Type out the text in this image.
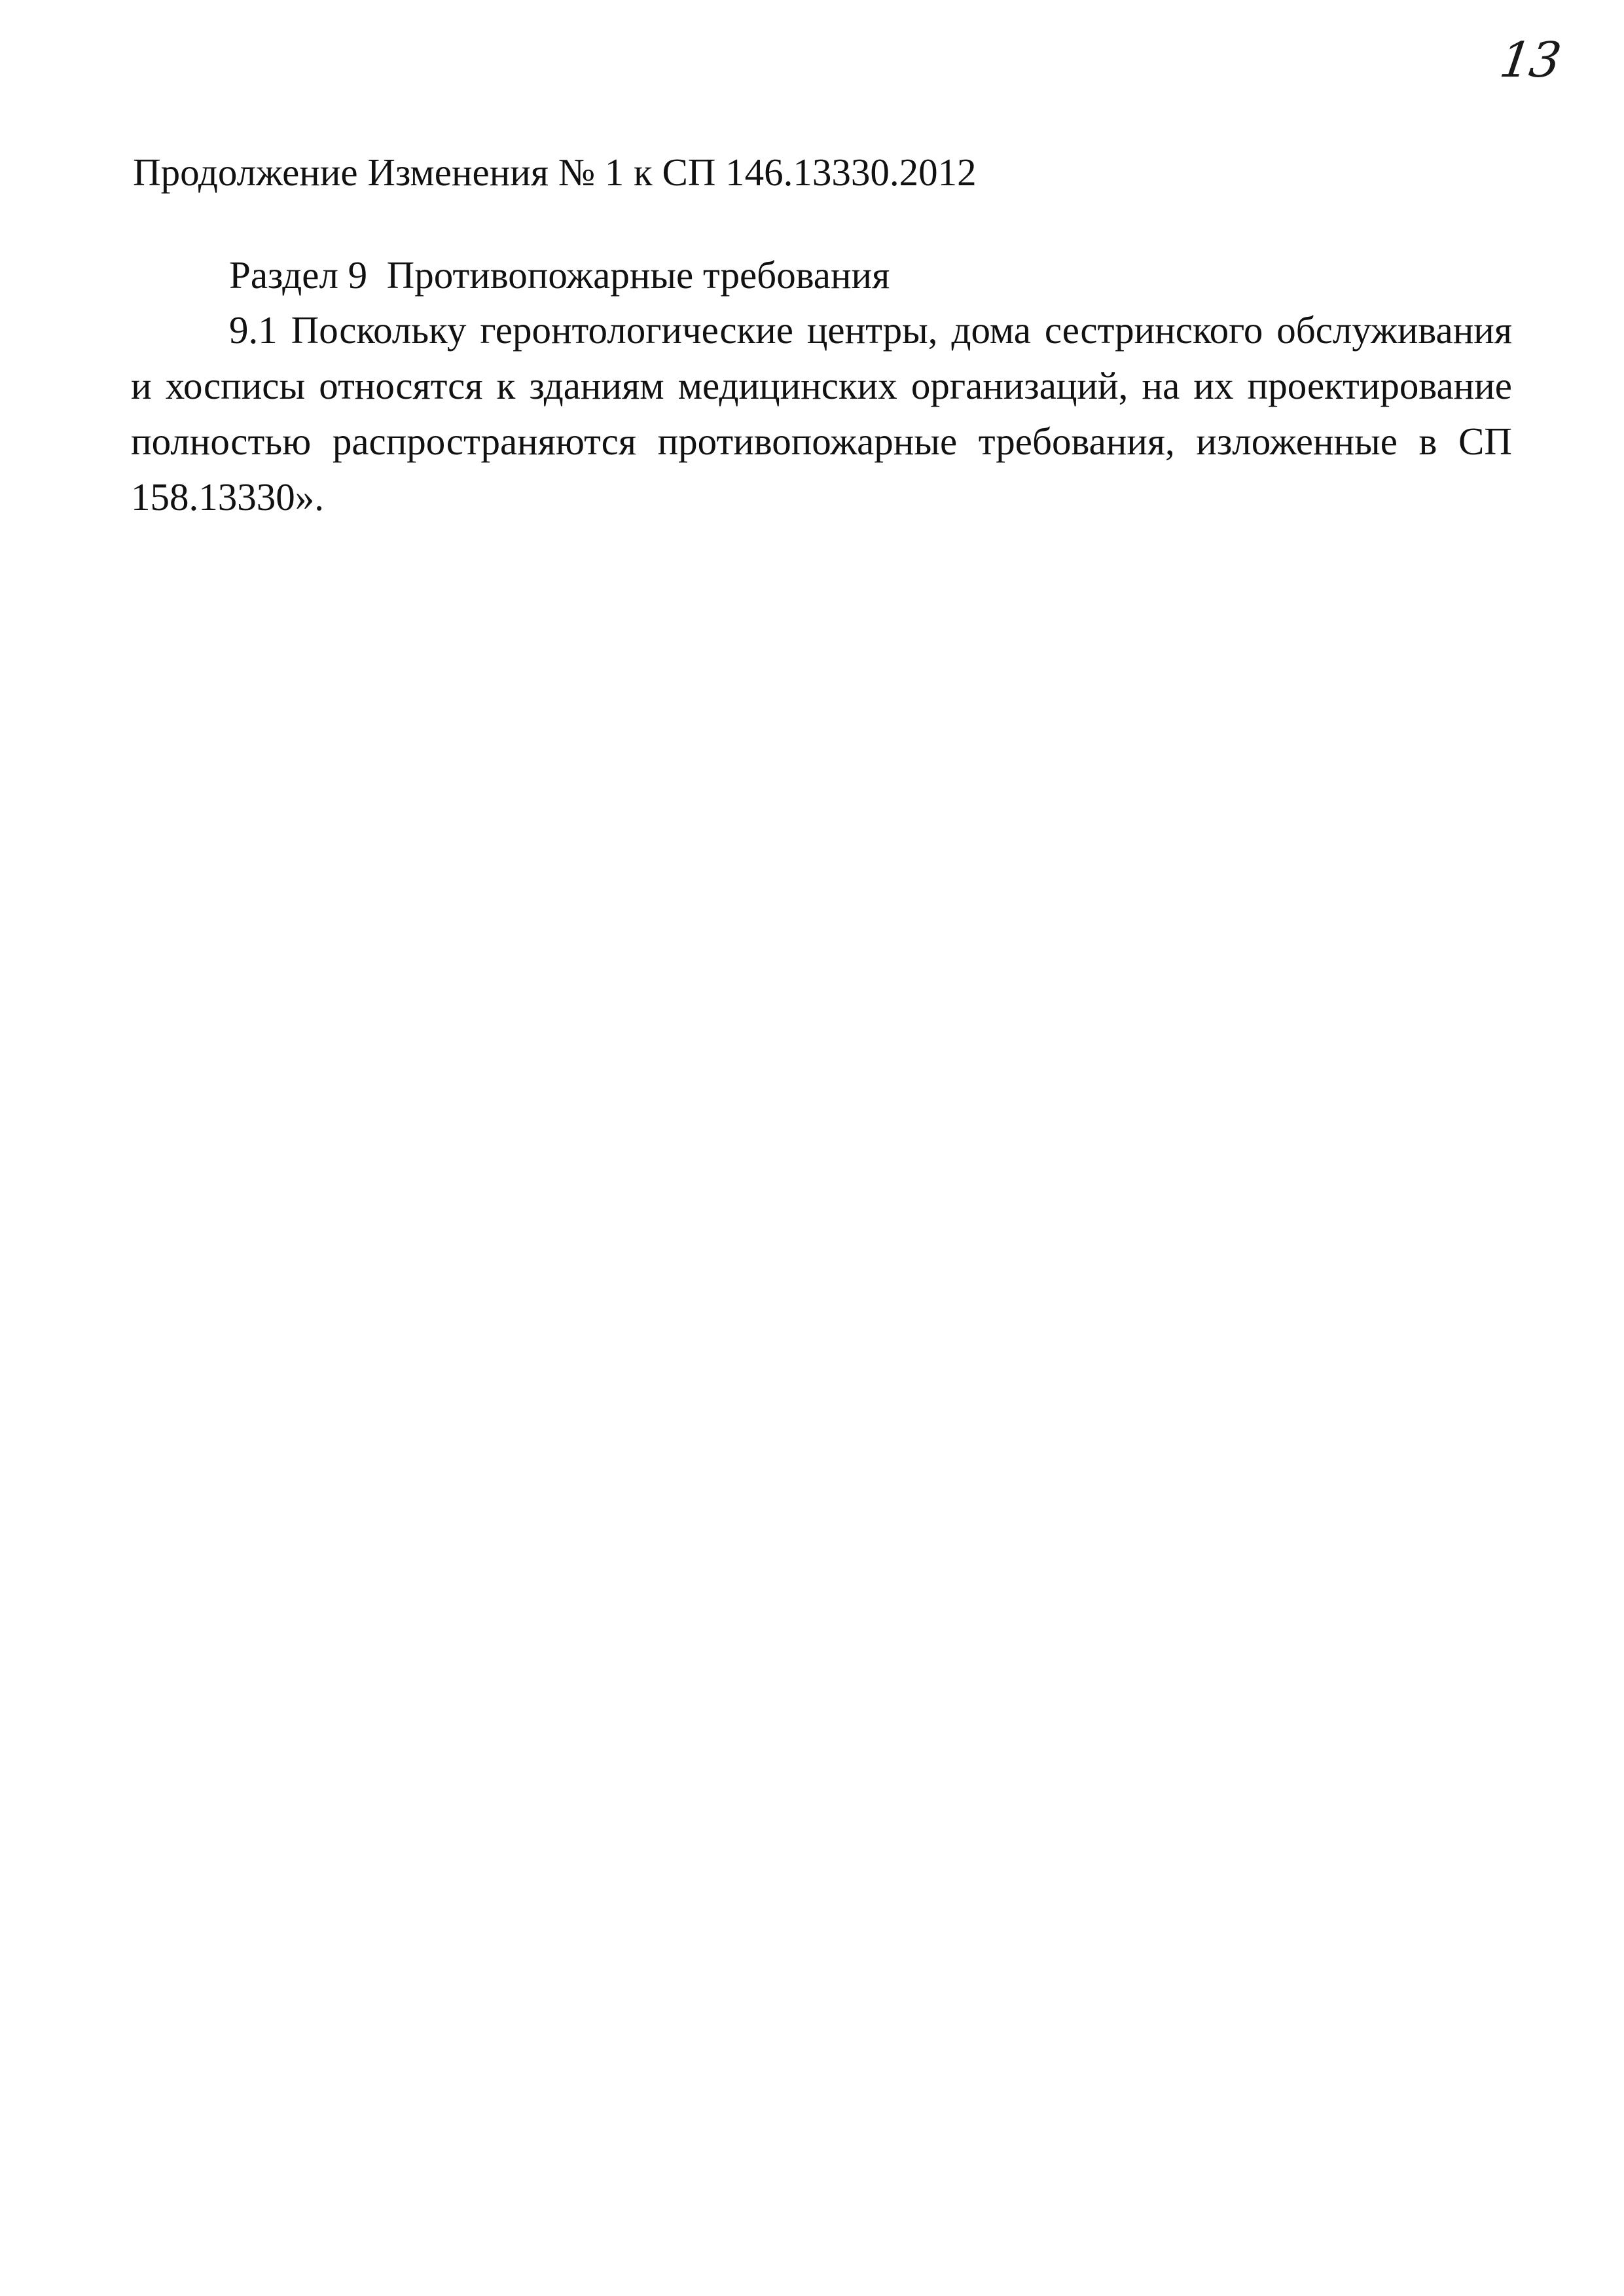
13
Продолжение Изменения № 1 к СП 146.13330.2012
Раздел 9  Противопожарные требования

9.1 Поскольку геронтологические центры, дома сестринского обслуживания и хосписы относятся к зданиям медицинских организаций, на их проектирование полностью распространяются противопожарные требования, изложенные в СП 158.13330».
